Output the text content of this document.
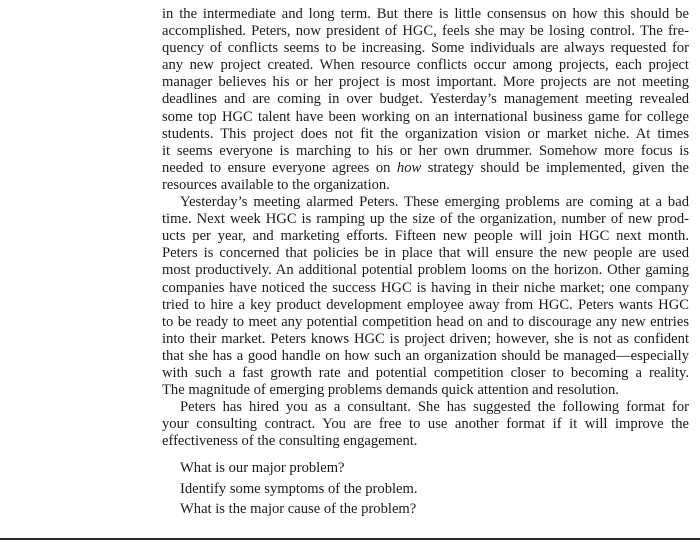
in the intermediate and long term. But there is little consensus on how this should be
accomplished. Peters, now president of HGC, feels she may be losing control. The fre-
quency of conflicts seems to be increasing. Some individuals are always requested for
any new project created. When resource conflicts occur among projects, each project
manager believes his or her project is most important. More projects are not meeting
deadlines and are coming in over budget. Yesterday’s management meeting revealed
some top HGC talent have been working on an international business game for college
students. This project does not fit the organization vision or market niche. At times
it seems everyone is marching to his or her own drummer. Somehow more focus is
needed to ensure everyone agrees on how strategy should be implemented, given the
resources available to the organization.
Yesterday’s meeting alarmed Peters. These emerging problems are coming at a bad
time. Next week HGC is ramping up the size of the organization, number of new prod-
ucts per year, and marketing efforts. Fifteen new people will join HGC next month.
Peters is concerned that policies be in place that will ensure the new people are used
most productively. An additional potential problem looms on the horizon. Other gaming
companies have noticed the success HGC is having in their niche market; one company
tried to hire a key product development employee away from HGC. Peters wants HGC
to be ready to meet any potential competition head on and to discourage any new entries
into their market. Peters knows HGC is project driven; however, she is not as confident
that she has a good handle on how such an organization should be managed—especially
with such a fast growth rate and potential competition closer to becoming a reality.
The magnitude of emerging problems demands quick attention and resolution.
Peters has hired you as a consultant. She has suggested the following format for
your consulting contract. You are free to use another format if it will improve the
effectiveness of the consulting engagement.
What is our major problem?
Identify some symptoms of the problem.
What is the major cause of the problem?
